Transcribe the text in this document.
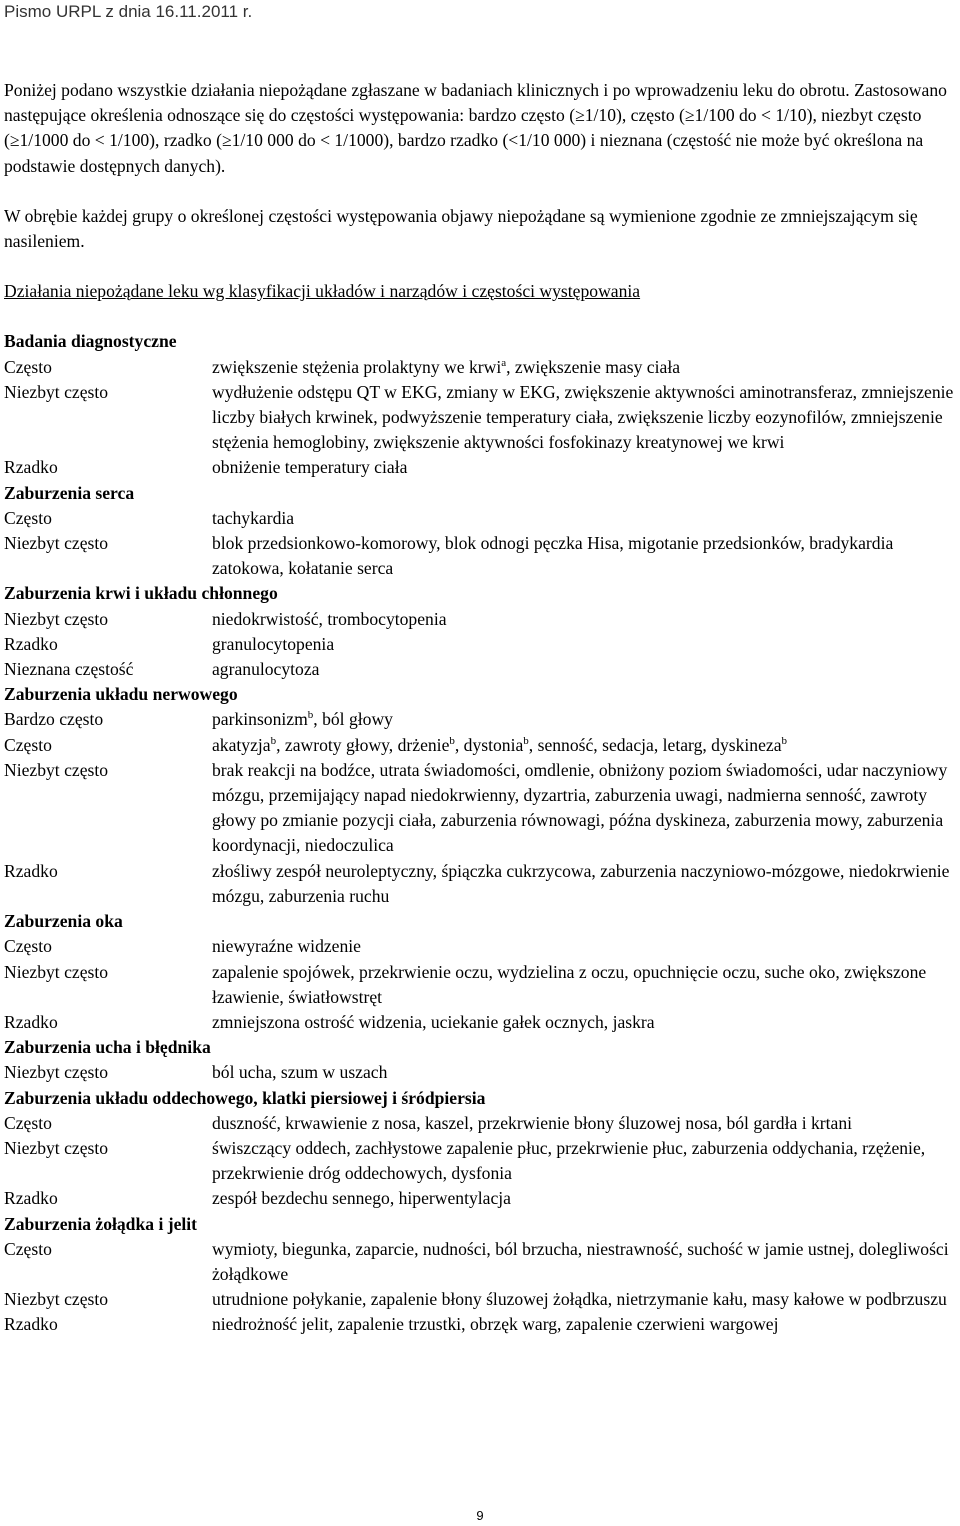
Pismo URPL z dnia 16.11.2011 r.

Poniżej podano wszystkie działania niepożądane zgłaszane w badaniach klinicznych i po wprowadzeniu leku do obrotu. Zastosowano następujące określenia odnoszące się do częstości występowania: bardzo często (≥1/10), często (≥1/100 do < 1/10), niezbyt często (≥1/1000 do < 1/100), rzadko (≥1/10 000 do < 1/1000), bardzo rzadko (<1/10 000) i nieznana (częstość nie może być określona na podstawie dostępnych danych).

W obrębie każdej grupy o określonej częstości występowania objawy niepożądane są wymienione zgodnie ze zmniejszającym się nasileniem.

Działania niepożądane leku wg klasyfikacji układów i narządów i częstości występowania

Badania diagnostyczne

Często	zwiększenie stężenia prolaktyny we krwi$^a$, zwiększenie masy ciała
Niezbyt często	wydłużenie odstępu QT w EKG, zmiany w EKG, zwiększenie aktywności aminotransferaz, zmniejszenie liczby białych krwinek, podwyższenie temperatury ciała, zwiększenie liczby eozynofilów, zmniejszenie stężenia hemoglobiny, zwiększenie aktywności fosfokinazy kreatynowej we krwi
Rzadko	obniżenie temperatury ciała

Zaburzenia serca

Często	tachykardia
Niezbyt często	blok przedsionkowo-komorowy, blok odnogi pęczka Hisa, migotanie przedsionków, bradykardia zatokowa, kołatanie serca

Zaburzenia krwi i układu chłonnego

Niezbyt często	niedokrwistość, trombocytopenia
Rzadko	granulocytopenia
Nieznana częstość	agranulocytoza

Zaburzenia układu nerwowego

Bardzo często	parkinsonizm$^b$, ból głowy
Często	akatyzja$^b$, zawroty głowy, drżenie$^b$, dystonia$^b$, senność, sedacja, letarg, dyskineza$^b$
Niezbyt często	brak reakcji na bodźce, utrata świadomości, omdlenie, obniżony poziom świadomości, udar naczyniowy mózgu, przemijający napad niedokrwienny, dyzartria, zaburzenia uwagi, nadmierna senność, zawroty głowy po zmianie pozycji ciała, zaburzenia równowagi, późna dyskineza, zaburzenia mowy, zaburzenia koordynacji, niedoczulica
Rzadko	złośliwy zespół neuroleptyczny, śpiączka cukrzycowa, zaburzenia naczyniowo-mózgowe, niedokrwienie mózgu, zaburzenia ruchu

Zaburzenia oka

Często	niewyraźne widzenie
Niezbyt często	zapalenie spojówek, przekrwienie oczu, wydzielina z oczu, opuchnięcie oczu, suche oko, zwiększone łzawienie, światłowstręt
Rzadko	zmniejszona ostrość widzenia, uciekanie gałek ocznych, jaskra

Zaburzenia ucha i błędnika

Niezbyt często	ból ucha, szum w uszach

Zaburzenia układu oddechowego, klatki piersiowej i śródpiersia

Często	duszność, krwawienie z nosa, kaszel, przekrwienie błony śluzowej nosa, ból gardła i krtani
Niezbyt często	świszczący oddech, zachłystowe zapalenie płuc, przekrwienie płuc, zaburzenia oddychania, rzężenie, przekrwienie dróg oddechowych, dysfonia
Rzadko	zespół bezdechu sennego, hiperwentylacja

Zaburzenia żołądka i jelit

Często	wymioty, biegunka, zaparcie, nudności, ból brzucha, niestrawność, suchość w jamie ustnej, dolegliwości żołądkowe
Niezbyt często	utrudnione połykanie, zapalenie błony śluzowej żołądka, nietrzymanie kału, masy kałowe w podbrzuszu
Rzadko	niedrożność jelit, zapalenie trzustki, obrzęk warg, zapalenie czerwieni wargowej
9
